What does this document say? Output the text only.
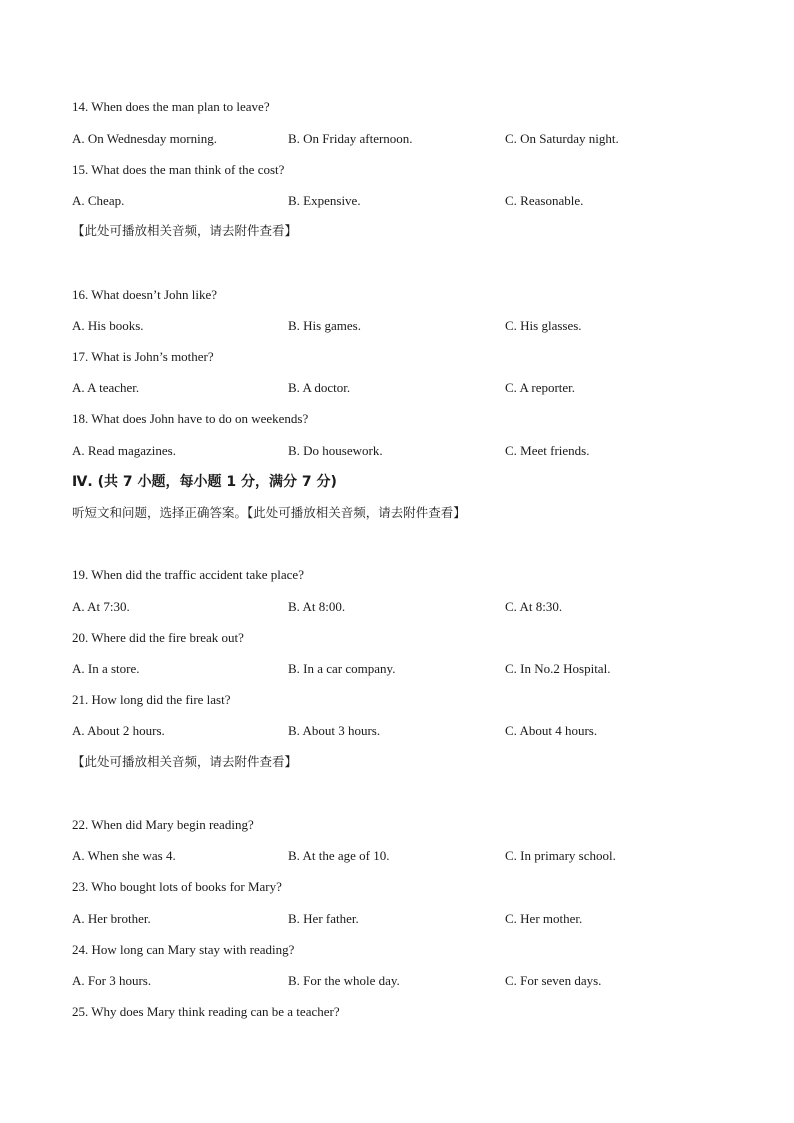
14. When does the man plan to leave?
A. On Wednesday morning.	B. On Friday afternoon.	C. On Saturday night.
15. What does the man think of the cost?
A. Cheap.	B. Expensive.	C. Reasonable.
【此处可播放相关音频，请去附件查看】
16. What doesn’t John like?
A. His books.	B. His games.	C. His glasses.
17. What is John’s mother?
A. A teacher.	B. A doctor.	C. A reporter.
18. What does John have to do on weekends?
A. Read magazines.	B. Do housework.	C. Meet friends.
Ⅳ. (共 7 小题，每小题 1 分，满分 7 分)
听短文和问题，选择正确答案。【此处可播放相关音频，请去附件查看】
19. When did the traffic accident take place?
A. At 7:30.	B. At 8:00.	C. At 8:30.
20. Where did the fire break out?
A. In a store.	B. In a car company.	C. In No.2 Hospital.
21. How long did the fire last?
A. About 2 hours.	B. About 3 hours.	C. About 4 hours.
【此处可播放相关音频，请去附件查看】
22. When did Mary begin reading?
A. When she was 4.	B. At the age of 10.	C. In primary school.
23. Who bought lots of books for Mary?
A. Her brother.	B. Her father.	C. Her mother.
24. How long can Mary stay with reading?
A. For 3 hours.	B. For the whole day.	C. For seven days.
25. Why does Mary think reading can be a teacher?
